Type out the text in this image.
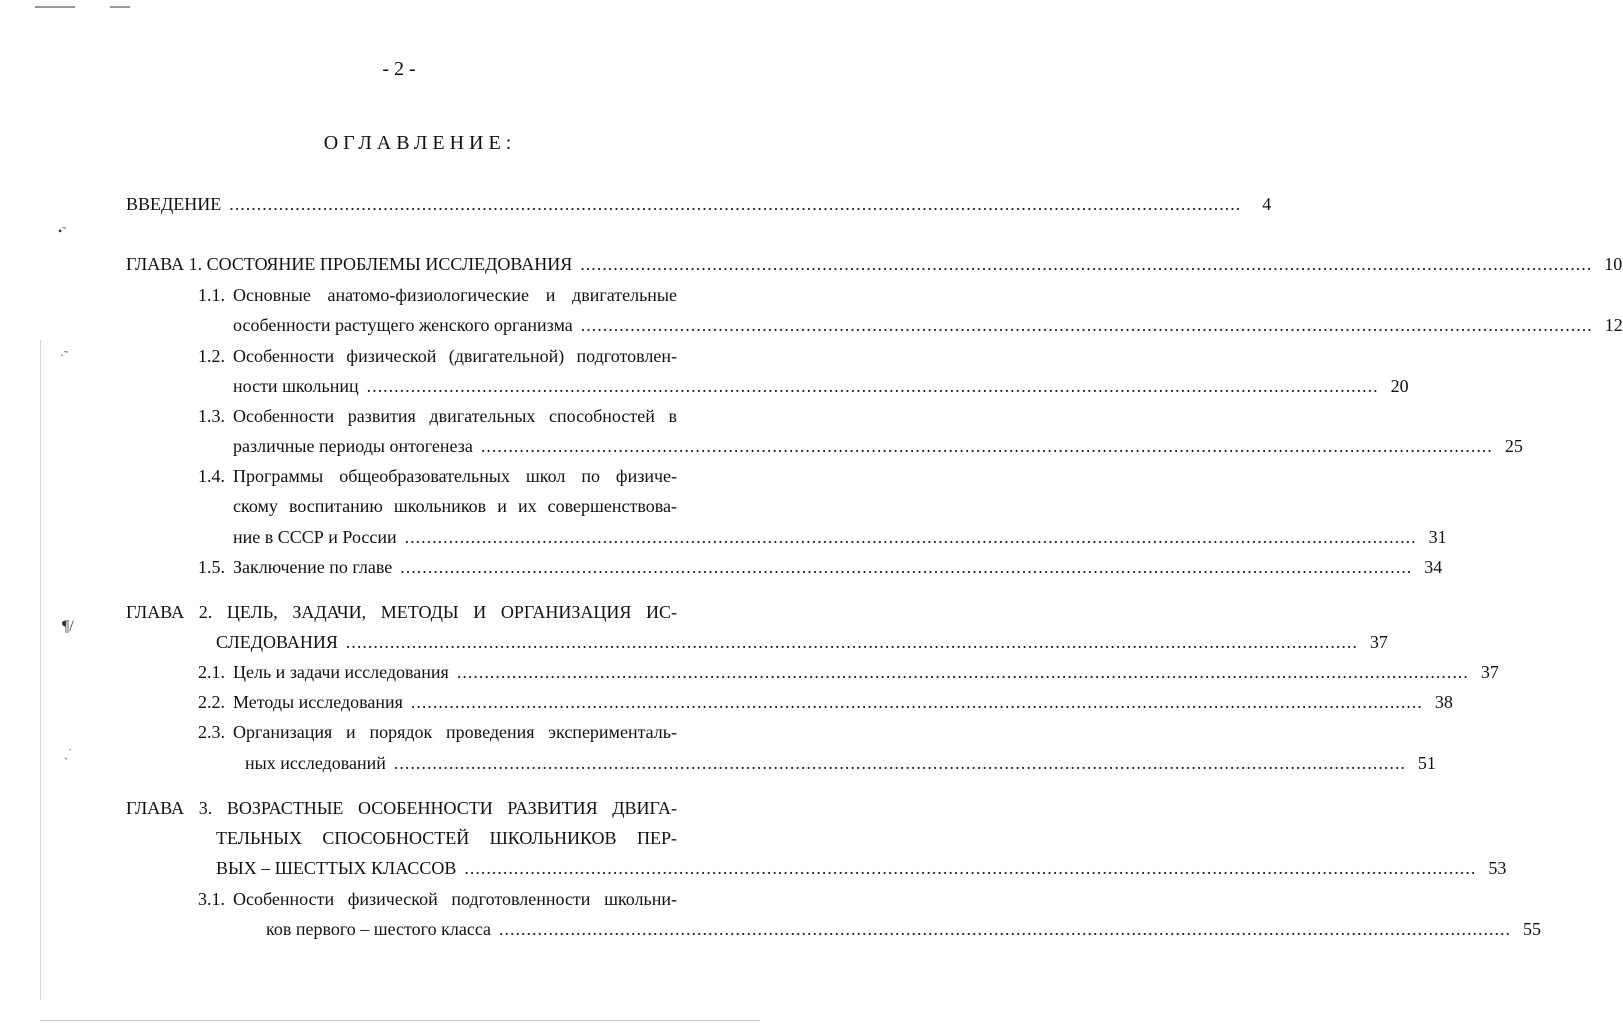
•˜
·˜
¶/
ˏ˙
- 2 -
ОГЛАВЛЕНИЕ:
ВВЕДЕНИЕ ........................................................................................................................................................................................	4
ГЛАВА 1. СОСТОЯНИЕ ПРОБЛЕМЫ ИССЛЕДОВАНИЯ ........................................................................................................................................................................................ 10
1.1. Основные анатомо-физиологические и двигательные
особенности растущего женского организма ........................................................................................................................................................................................ 12
1.2. Особенности физической (двигательной) подготовлен-
ности школьниц ........................................................................................................................................................................................ 20
1.3. Особенности развития двигательных способностей в
различные периоды онтогенеза ........................................................................................................................................................................................ 25
1.4. Программы общеобразовательных школ по физиче-
скому воспитанию школьников и их совершенствова-
ние в СССР и России ........................................................................................................................................................................................ 31
1.5. Заключение по главе ........................................................................................................................................................................................ 34
ГЛАВА 2. ЦЕЛЬ, ЗАДАЧИ, МЕТОДЫ И ОРГАНИЗАЦИЯ ИС-
СЛЕДОВАНИЯ ........................................................................................................................................................................................ 37
2.1. Цель и задачи исследования ........................................................................................................................................................................................ 37
2.2. Методы исследования ........................................................................................................................................................................................ 38
2.3. Организация и порядок проведения эксперименталь-
ных исследований ........................................................................................................................................................................................ 51
ГЛАВА 3. ВОЗРАСТНЫЕ ОСОБЕННОСТИ РАЗВИТИЯ ДВИГА-
ТЕЛЬНЫХ СПОСОБНОСТЕЙ ШКОЛЬНИКОВ ПЕР-
ВЫХ – ШЕСТТЫХ КЛАССОВ ........................................................................................................................................................................................ 53
3.1. Особенности физической подготовленности школьни-
ков первого – шестого класса ........................................................................................................................................................................................ 55
